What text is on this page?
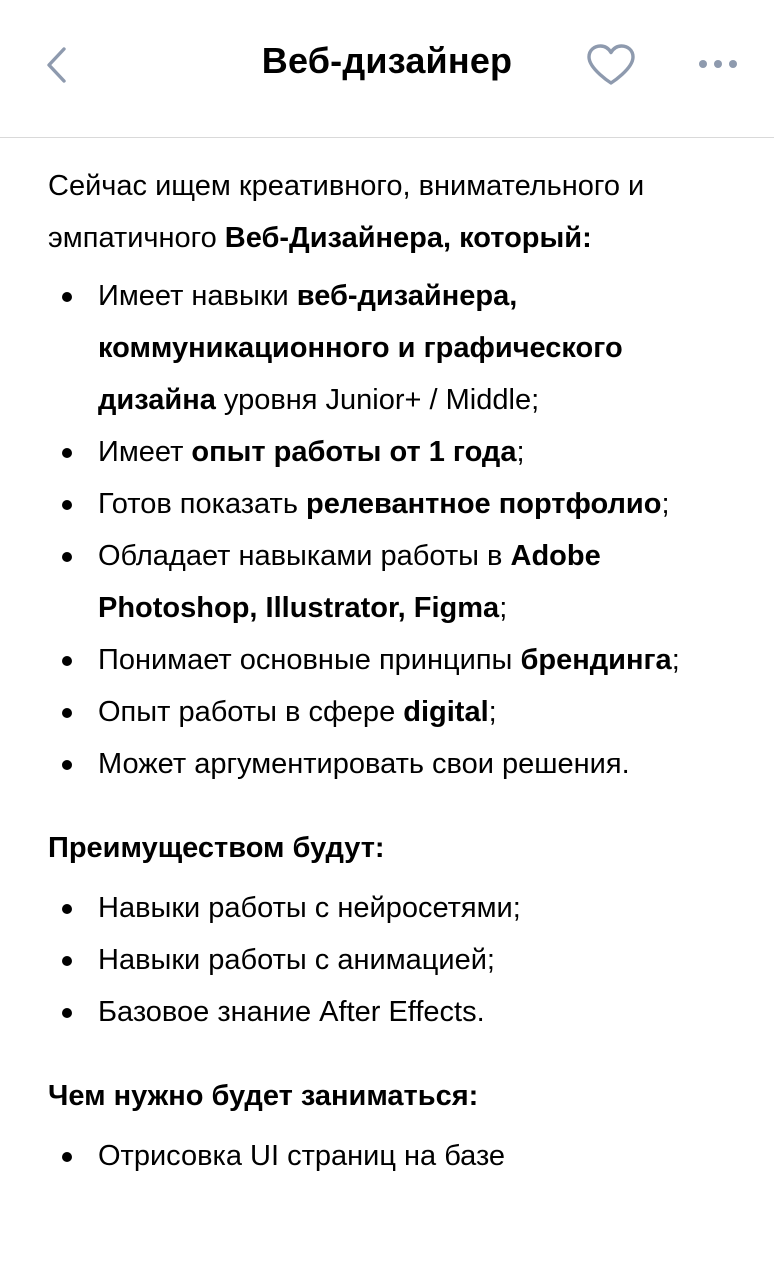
Веб-дизайнер

Сейчас ищем креативного, внимательного и эмпатичного Веб-Дизайнера, который:

Имеет навыки веб-дизайнера, коммуникационного и графического дизайна уровня Junior+ / Middle;
Имеет опыт работы от 1 года;
Готов показать релевантное портфолио;
Обладает навыками работы в Adobe Photoshop, Illustrator, Figma;
Понимает основные принципы брендинга;
Опыт работы в сфере digital;
Может аргументировать свои решения.

Преимуществом будут:

Навыки работы с нейросетями;
Навыки работы с анимацией;
Базовое знание After Effects.

Чем нужно будет заниматься:

Отрисовка UI страниц на базе
